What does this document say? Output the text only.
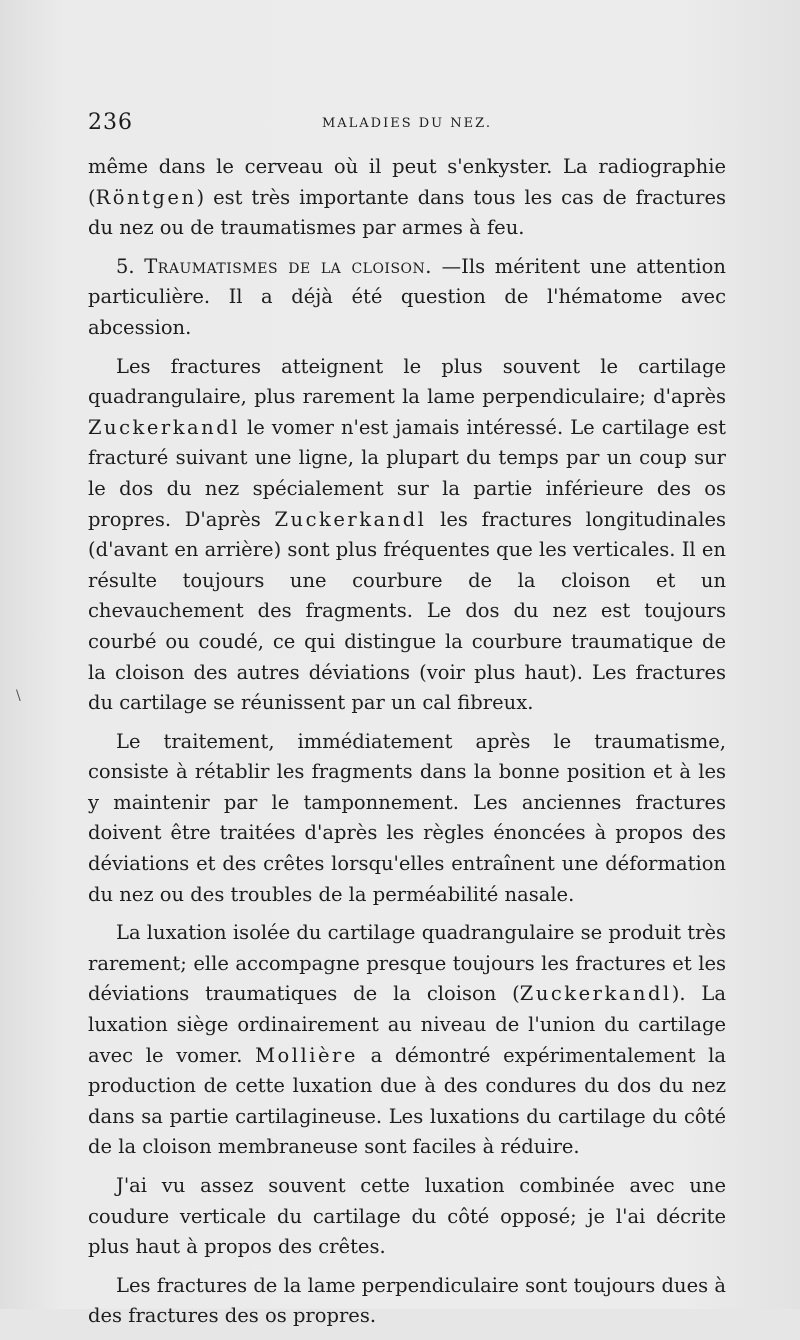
236	MALADIES DU NEZ.
\

même dans le cerveau où il peut s'enkyster. La radiographie (Röntgen) est très importante dans tous les cas de fractures du nez ou de traumatismes par armes à feu.

5. Traumatismes de la cloison. —Ils méritent une attention particulière. Il a déjà été question de l'hématome avec abcession.

Les fractures atteignent le plus souvent le cartilage quadrangulaire, plus rarement la lame perpendiculaire; d'après Zuckerkandl le vomer n'est jamais intéressé. Le cartilage est fracturé suivant une ligne, la plupart du temps par un coup sur le dos du nez spécialement sur la partie inférieure des os propres. D'après Zuckerkandl les fractures longitudinales (d'avant en arrière) sont plus fréquentes que les verticales. Il en résulte toujours une courbure de la cloison et un chevauchement des fragments. Le dos du nez est toujours courbé ou coudé, ce qui distingue la courbure traumatique de la cloison des autres déviations (voir plus haut). Les fractures du cartilage se réunissent par un cal fibreux.

Le traitement, immédiatement après le traumatisme, consiste à rétablir les fragments dans la bonne position et à les y maintenir par le tamponnement. Les anciennes fractures doivent être traitées d'après les règles énoncées à propos des déviations et des crêtes lorsqu'elles entraînent une déformation du nez ou des troubles de la perméabilité nasale.

La luxation isolée du cartilage quadrangulaire se produit très rarement; elle accompagne presque toujours les fractures et les déviations traumatiques de la cloison (Zuckerkandl). La luxation siège ordinairement au niveau de l'union du cartilage avec le vomer. Mollière a démontré expérimentalement la production de cette luxation due à des condures du dos du nez dans sa partie cartilagineuse. Les luxations du cartilage du côté de la cloison membraneuse sont faciles à réduire.

J'ai vu assez souvent cette luxation combinée avec une coudure verticale du cartilage du côté opposé; je l'ai décrite plus haut à propos des crêtes.

Les fractures de la lame perpendiculaire sont toujours dues à des fractures des os propres.
